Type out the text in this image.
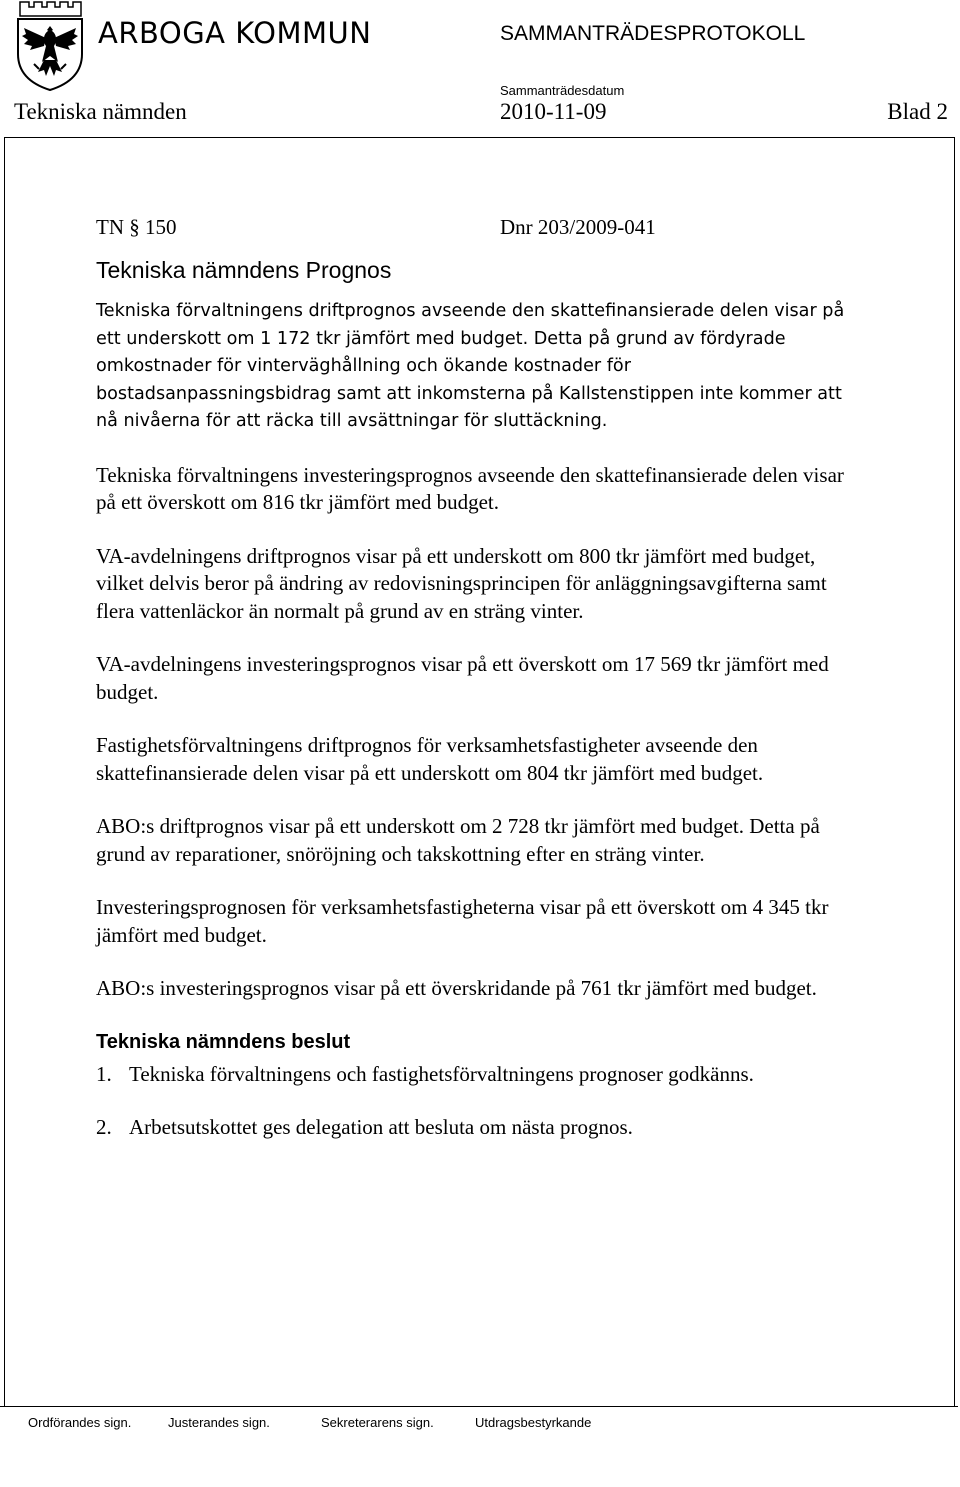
ARBOGA KOMMUN	SAMMANTRÄDESPROTOKOLL
Sammanträdesdatum
Tekniska nämnden	2010-11-09	Blad 2
TN § 150	Dnr 203/2009-041
Tekniska nämndens Prognos

Tekniska förvaltningens driftprognos avseende den skattefinansierade delen visar på ett underskott om 1 172 tkr jämfört med budget. Detta på grund av fördyrade omkostnader för vinterväghållning och ökande kostnader för bostadsanpassningsbidrag samt att inkomsterna på Kallstenstippen inte kommer att nå nivåerna för att räcka till avsättningar för sluttäckning.

Tekniska förvaltningens investeringsprognos avseende den skattefinansierade delen visar på ett överskott om 816 tkr jämfört med budget.

VA-avdelningens driftprognos visar på ett underskott om 800 tkr jämfört med budget, vilket delvis beror på ändring av redovisningsprincipen för anläggningsavgifterna samt flera vattenläckor än normalt på grund av en sträng vinter.

VA-avdelningens investeringsprognos visar på ett överskott om 17 569 tkr jämfört med budget.

Fastighetsförvaltningens driftprognos för verksamhetsfastigheter avseende den skattefinansierade delen visar på ett underskott om 804 tkr jämfört med budget.

ABO:s driftprognos visar på ett underskott om 2 728 tkr jämfört med budget. Detta på grund av reparationer, snöröjning och takskottning efter en sträng vinter.

Investeringsprognosen för verksamhetsfastigheterna visar på ett överskott om 4 345 tkr jämfört med budget.

ABO:s investeringsprognos visar på ett överskridande på 761 tkr jämfört med budget.

Tekniska nämndens beslut
1. Tekniska förvaltningens och fastighetsförvaltningens prognoser godkänns.
2. Arbetsutskottet ges delegation att besluta om nästa prognos.
Ordförandes sign.	Justerandes sign.	Sekreterarens sign.	Utdragsbestyrkande
